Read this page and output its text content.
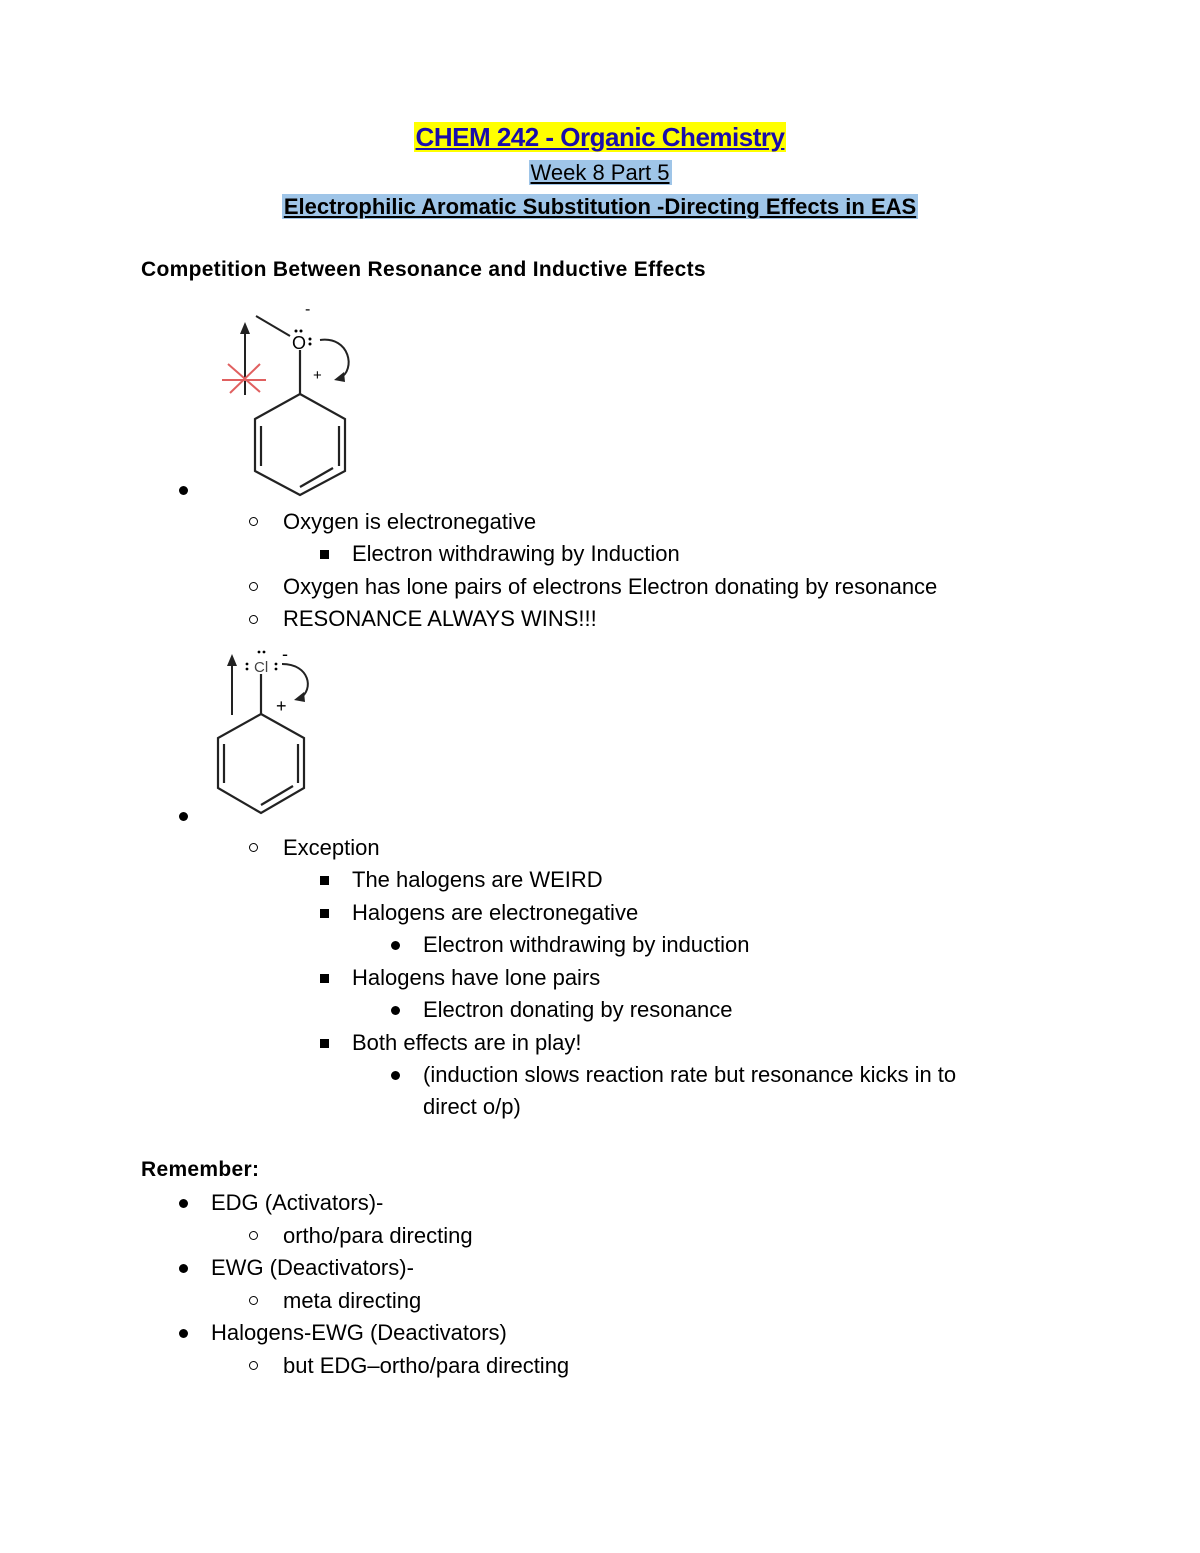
CHEM 242 - Organic Chemistry
Week 8 Part 5
Electrophilic Aromatic Substitution -Directing Effects in EAS
Competition Between Resonance and Inductive Effects
O
-
+
Oxygen is electronegative
Electron withdrawing by Induction
Oxygen has lone pairs of electrons Electron donating by resonance
RESONANCE ALWAYS WINS!!!
Cl
-
+
Exception
The halogens are WEIRD
Halogens are electronegative
Electron withdrawing by induction
Halogens have lone pairs
Electron donating by resonance
Both effects are in play!
(induction slows reaction rate but resonance kicks in to
direct o/p)
Remember:
EDG (Activators)-
ortho/para directing
EWG (Deactivators)-
meta directing
Halogens-EWG (Deactivators)
but EDG–ortho/para directing
